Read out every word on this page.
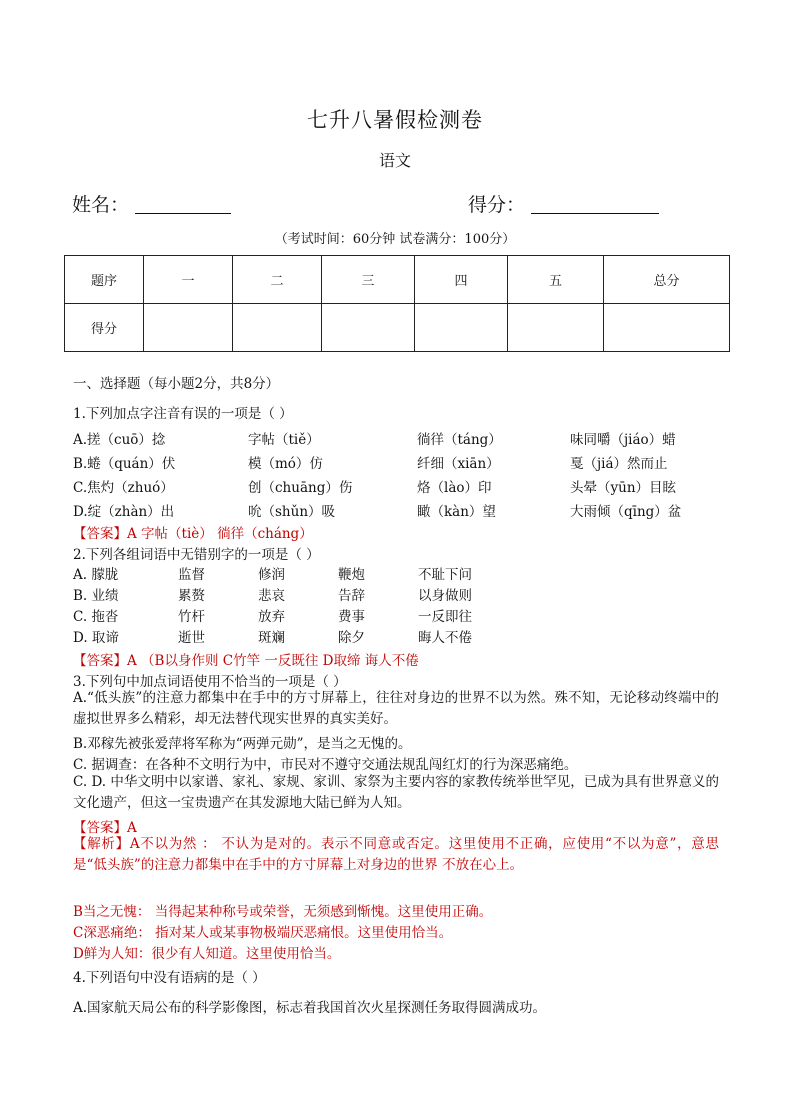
七升八暑假检测卷
语文
姓名：	得分：
（考试时间：60分钟 试卷满分：100分）
题序	一	二	三	四	五	总分
得分						
一、选择题（每小题2分，共8分）
1.下列加点字注音有误的一项是（ ）
A.搓（cuō）捻	字帖（tiě）	徜徉（táng）	味同嚼（jiáo）蜡
B.蜷（quán）伏	模（mó）仿	纤细（xiān）	戛（jiá）然而止
C.焦灼（zhuó）	创（chuāng）伤	烙（lào）印	头晕（yūn）目眩
D.绽（zhàn）出	吮（shǔn）吸	瞰（kàn）望	大雨倾（qīng）盆
【答案】A 字帖（tiè） 徜徉（cháng）
2.下列各组词语中无错别字的一项是（ ）
A. 朦胧	监督	修润	鞭炮	不耻下问
B. 业绩	累赘	悲哀	告辞	以身做则
C. 拖沓	竹杆	放弃	费事	一反即往
D. 取谛	逝世	斑斓	除夕	晦人不倦
【答案】A （B以身作则 C竹竿 一反既往 D取缔 诲人不倦
3.下列句中加点词语使用不恰当的一项是（ ）
A.“低头族”的注意力都集中在手中的方寸屏幕上，往往对身边的世界不以为然。殊不知，无论移动终端中的虚拟世界多么精彩，却无法替代现实世界的真实美好。
B.邓稼先被张爱萍将军称为“两弹元勋”，是当之无愧的。
C. 据调查：在各种不文明行为中，市民对不遵守交通法规乱闯红灯的行为深恶痛绝。
C. D. 中华文明中以家谱、家礼、家规、家训、家祭为主要内容的家教传统举世罕见，已成为具有世界意义的文化遗产，但这一宝贵遗产在其发源地大陆已鲜为人知。
【答案】A
【解析】A不以为然 ： 不认为是对的。表示不同意或否定。这里使用不正确，应使用“不以为意”，意思是“低头族”的注意力都集中在手中的方寸屏幕上对身边的世界 不放在心上。
B当之无愧： 当得起某种称号或荣誉，无须感到惭愧。这里使用正确。
C深恶痛绝： 指对某人或某事物极端厌恶痛恨。这里使用恰当。
D鲜为人知：很少有人知道。这里使用恰当。
4.下列语句中没有语病的是（ ）
A.国家航天局公布的科学影像图，标志着我国首次火星探测任务取得圆满成功。
